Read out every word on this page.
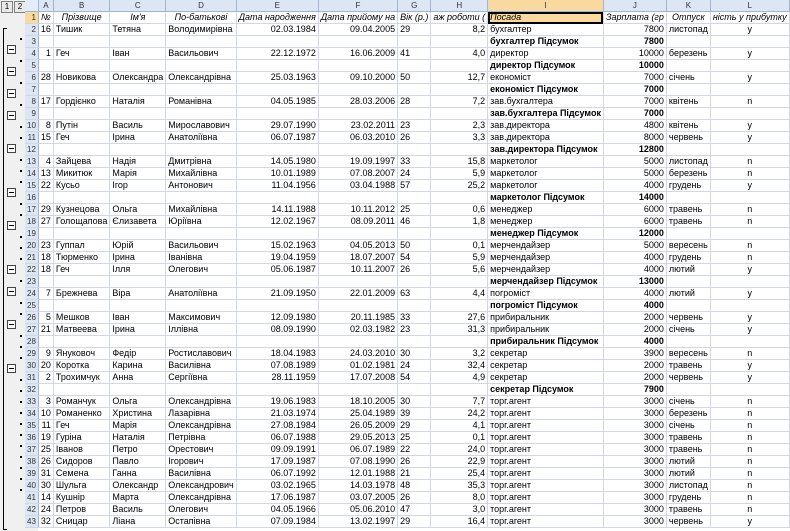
1	2
		A	B	C	D	E	F	G	H	I	J	K	L
1	№	Прізвище	Ім'я	По-батькові	Дата народження	Дата прийому на	Вік (р.)	аж роботи (	Посада	Зарплата (гр	Отпуск	ність у прибутку
2	16	Тишик	Тетяна	Володимирівна	02.03.1984	09.04.2005	29	8,2	бухгалтер	7800	листопад	у
3									бухгалтер Підсумок	7800		
4	1	Геч	Іван	Васильович	22.12.1972	16.06.2009	41	4,0	директор	10000	березень	у
5									директор Підсумок	10000		
6	28	Новикова	Олександра	Олександрівна	25.03.1963	09.10.2000	50	12,7	економіст	7000	січень	у
7									економіст Підсумок	7000		
8	17	Гордієнко	Наталія	Романівна	04.05.1985	28.03.2006	28	7,2	зав.бухгалтера	7000	квітень	n
9									зав.бухгалтера Підсумок	7000		
10	8	Путін	Василь	Мирославович	29.07.1990	23.02.2011	23	2,3	зав.директора	4800	квітень	у
11	15	Геч	Ірина	Анатоліївна	06.07.1987	06.03.2010	26	3,3	зав.директора	8000	червень	у
12									зав.директора Підсумок	12800		
13	4	Зайцева	Надія	Дмитрівна	14.05.1980	19.09.1997	33	15,8	маркетолог	5000	листопад	n
14	13	Микитюк	Марія	Михайлівна	10.01.1989	07.08.2007	24	5,9	маркетолог	5000	березень	n
15	22	Кусьо	Ігор	Антонович	11.04.1956	03.04.1988	57	25,2	маркетолог	4000	грудень	у
16									маркетолог Підсумок	14000		
17	29	Кузнецова	Ольга	Михайлівна	14.11.1988	10.11.2012	25	0,6	менеджер	6000	травень	n
18	27	Голощапова	Єлизавета	Юріївна	12.02.1967	08.09.2011	46	1,8	менеджер	6000	травень	n
19									менеджер Підсумок	12000		
20	23	Гуппал	Юрій	Васильович	15.02.1963	04.05.2013	50	0,1	мерчендайзер	5000	вересень	n
21	18	Тюрменко	Ірина	Іванівна	19.04.1959	18.07.2007	54	5,9	мерчендайзер	4000	грудень	n
22	18	Геч	Ілля	Олегович	05.06.1987	10.11.2007	26	5,6	мерчендайзер	4000	лютий	у
23									мерчендайзер Підсумок	13000		
24	7	Брежнева	Віра	Анатоліївна	21.09.1950	22.01.2009	63	4,4	погроміст	4000	лютий	у
25									погроміст Підсумок	4000		
26	5	Мешков	Іван	Максимович	12.09.1980	20.11.1985	33	27,6	прибиральник	2000	червень	у
27	21	Матвеева	Ірина	Іллівна	08.09.1990	02.03.1982	23	31,3	прибиральник	2000	січень	у
28									прибиральник Підсумок	4000		
29	9	Януковоч	Федір	Ростиславович	18.04.1983	24.03.2010	30	3,2	секретар	3900	вересень	n
30	20	Коротка	Карина	Василівна	07.08.1989	01.02.1981	24	32,4	секретар	2000	травень	у
31	2	Трохимчук	Анна	Сергіївна	28.11.1959	17.07.2008	54	4,9	секретар	2000	червень	у
32									секретар Підсумок	7900		
33	3	Романчук	Ольга	Олександрівна	19.06.1983	18.10.2005	30	7,7	торг.агент	3000	січень	n
34	10	Романенко	Христина	Лазарівна	21.03.1974	25.04.1989	39	24,2	торг.агент	3000	березень	n
35	11	Геч	Марія	Олександрівна	27.08.1984	26.05.2009	29	4,1	торг.агент	3000	січень	n
36	19	Гуріна	Наталія	Петрівна	06.07.1988	29.05.2013	25	0,1	торг.агент	3000	травень	n
37	25	Іванов	Петро	Орестович	09.09.1991	06.07.1989	22	24,0	торг.агент	3000	травень	n
38	26	Сидоров	Павло	Ігорович	17.09.1987	07.08.1990	26	22,9	торг.агент	3000	лютий	n
39	31	Семена	Ганна	Василівна	06.07.1992	12.01.1988	21	25,4	торг.агент	3000	лютий	n
40	30	Шульга	Олександр	Олександрович	03.02.1965	14.03.1978	48	35,3	торг.агент	3000	листопад	n
41	14	Кушнір	Марта	Олександрівна	17.06.1987	03.07.2005	26	8,0	торг.агент	3000	грудень	n
42	24	Петров	Василь	Олегович	04.05.1966	05.06.2010	47	3,0	торг.агент	3000	травень	n
43	32	Сницар	Ліана	Остапівна	07.09.1984	13.02.1997	29	16,4	торг.агент	3000	червень	у
